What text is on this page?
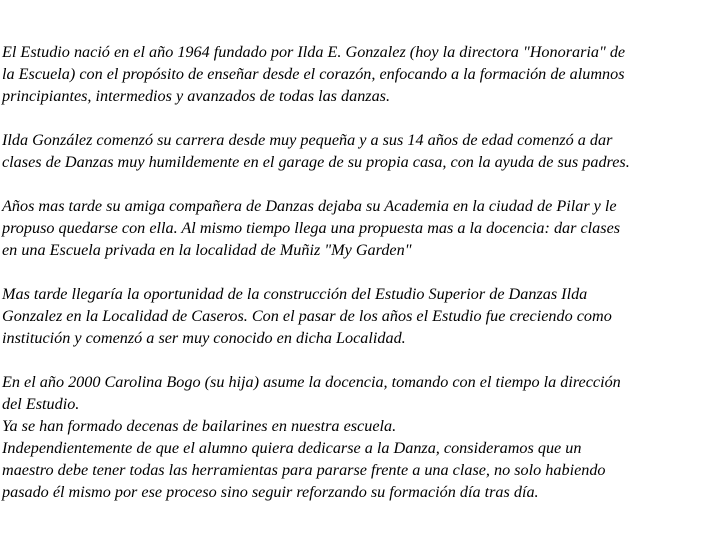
El Estudio nació en el año 1964 fundado por Ilda E. Gonzalez (hoy la directora "Honoraria" de
la Escuela) con el propósito de enseñar desde el corazón, enfocando a la formación de alumnos
principiantes, intermedios y avanzados de todas las danzas.

Ilda González comenzó su carrera desde muy pequeña y a sus 14 años de edad comenzó a dar
clases de Danzas muy humildemente en el garage de su propia casa, con la ayuda de sus padres.

Años mas tarde su amiga compañera de Danzas dejaba su Academia en la ciudad de Pilar y le
propuso quedarse con ella. Al mismo tiempo llega una propuesta mas a la docencia: dar clases
en una Escuela privada en la localidad de Muñiz "My Garden"

Mas tarde llegaría la oportunidad de la construcción del Estudio Superior de Danzas Ilda
Gonzalez en la Localidad de Caseros. Con el pasar de los años el Estudio fue creciendo como
institución y comenzó a ser muy conocido en dicha Localidad.

En el año 2000 Carolina Bogo (su hija) asume la docencia, tomando con el tiempo la dirección
del Estudio.
Ya se han formado decenas de bailarines en nuestra escuela.
Independientemente de que el alumno quiera dedicarse a la Danza, consideramos que un
maestro debe tener todas las herramientas para pararse frente a una clase, no solo habiendo
pasado él mismo por ese proceso sino seguir reforzando su formación día tras día.
